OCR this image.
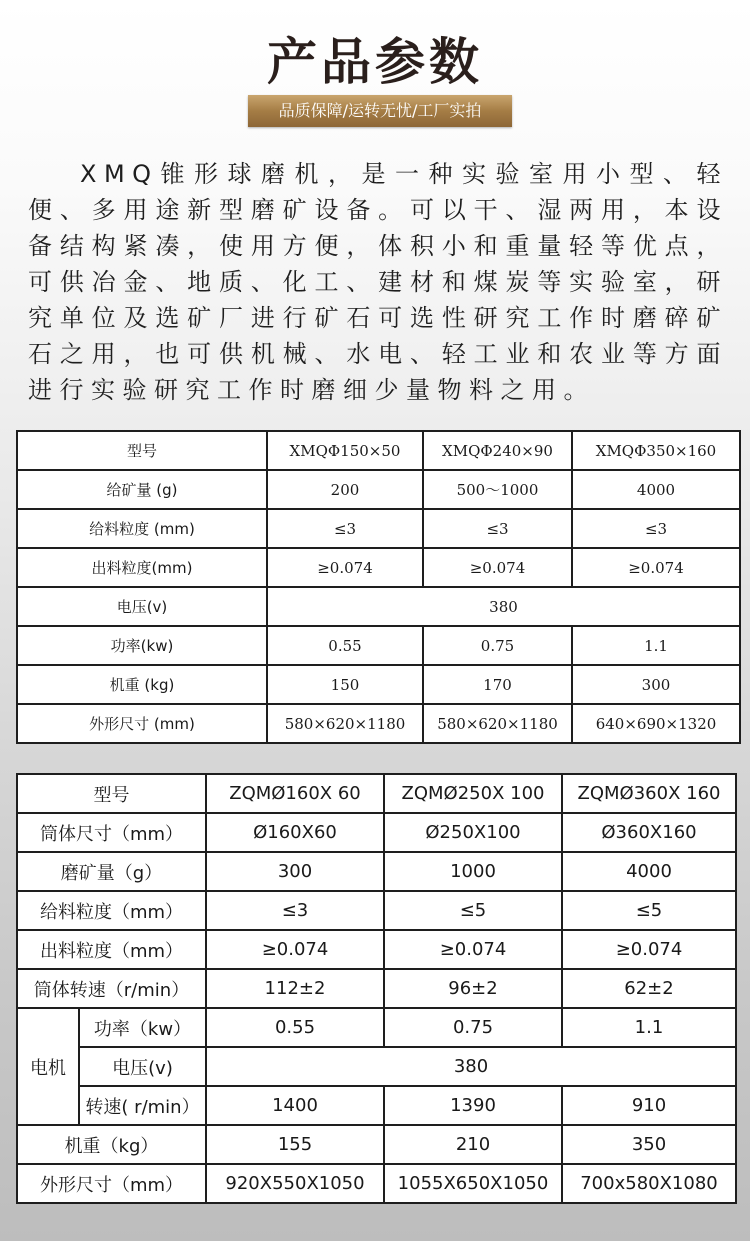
产品参数
品质保障/运转无忧/工厂实拍
XMQ锥形球磨机，是一种实验室用小型、轻便、多用途新型磨矿设备。可以干、湿两用，本设备结构紧凑，使用方便，体积小和重量轻等优点，可供冶金、地质、化工、建材和煤炭等实验室，研究单位及选矿厂进行矿石可选性研究工作时磨碎矿石之用，也可供机械、水电、轻工业和农业等方面进行实验研究工作时磨细少量物料之用。
型号	XMQΦ150×50	XMQΦ240×90	XMQΦ350×160
给矿量 (g)	200	500～1000	4000
给料粒度 (mm)	≤3	≤3	≤3
出料粒度(mm)	≥0.074	≥0.074	≥0.074
电压(v)	380		
功率(kw)	0.55	0.75	1.1
机重 (kg)	150	170	300
外形尺寸 (mm)	580×620×1180	580×620×1180	640×690×1320
型号		ZQMØ160X 60	ZQMØ250X 100	ZQMØ360X 160
筒体尺寸（mm）		Ø160X60	Ø250X100	Ø360X160
磨矿量（g）		300	1000	4000
给料粒度（mm）		≤3	≤5	≤5
出料粒度（mm）		≥0.074	≥0.074	≥0.074
筒体转速（r/min）		112±2	96±2	62±2
电机	功率（kw）	0.55	0.75	1.1
	电压(v)	380		
	转速( r/min）	1400	1390	910
机重（kg）		155	210	350
外形尺寸（mm）		920X550X1050	1055X650X1050	700x580X1080
